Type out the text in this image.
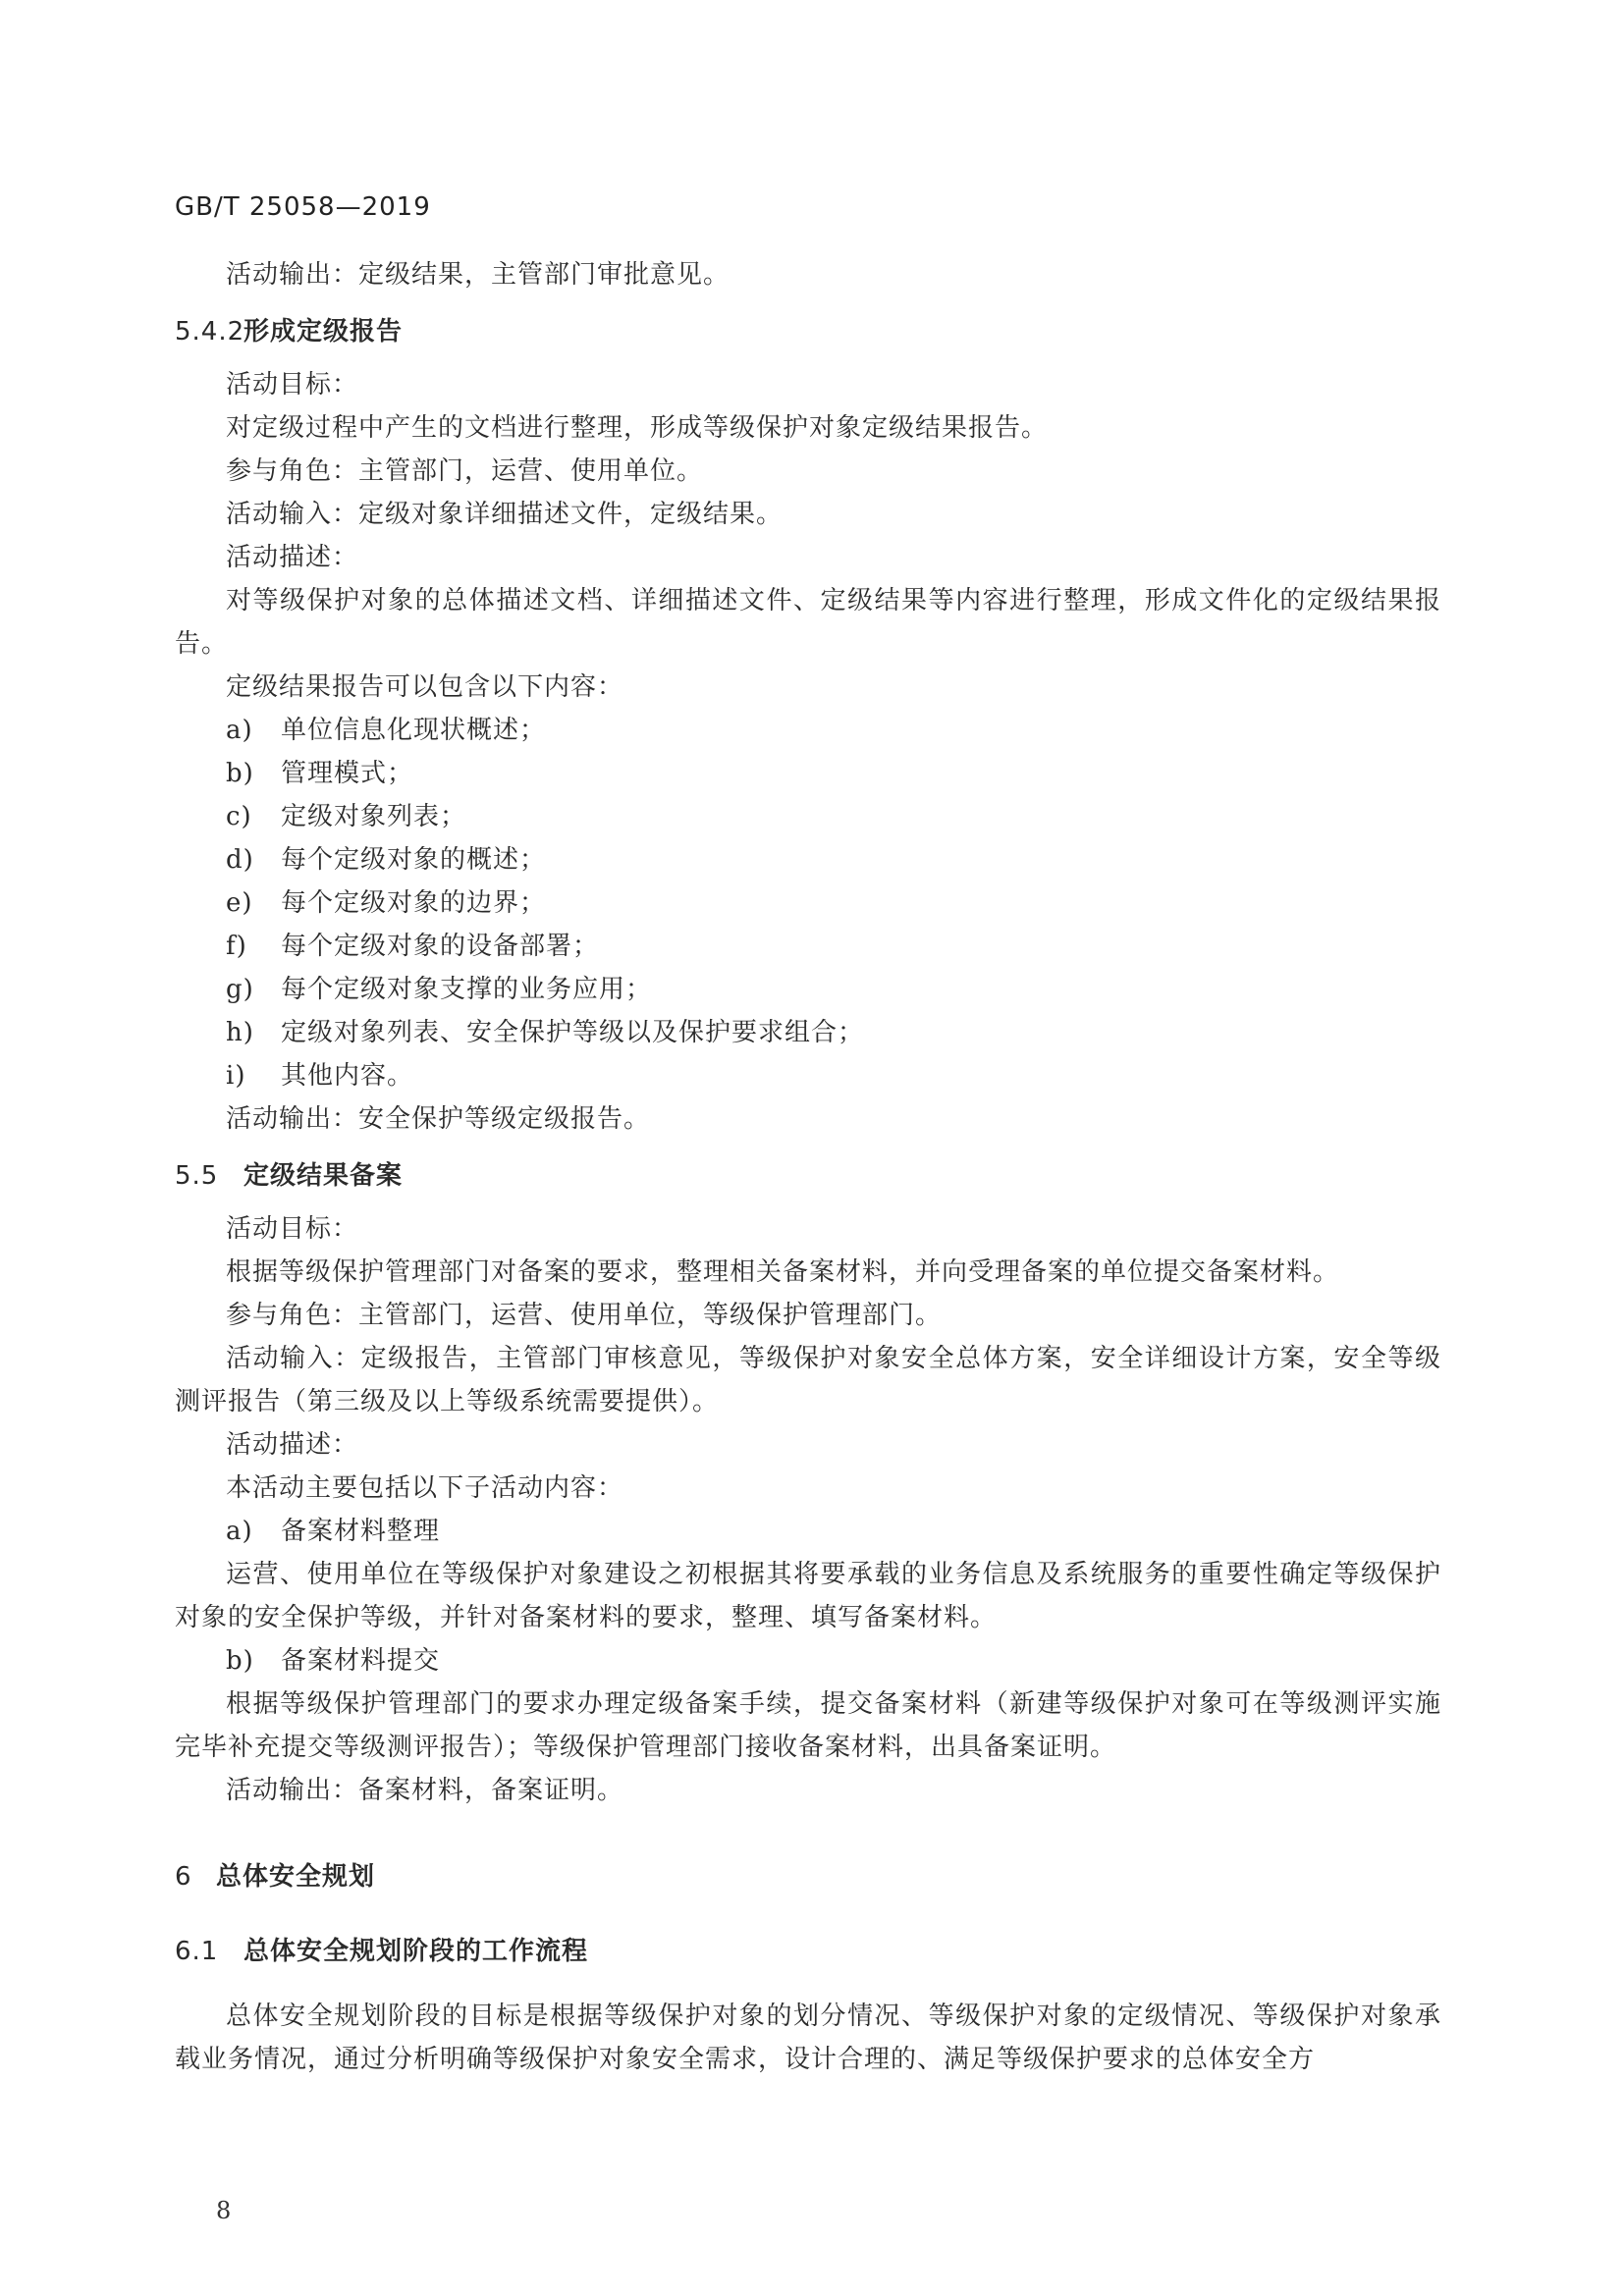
GB/T 25058—2019

活动输出：定级结果，主管部门审批意见。

5.4.2形成定级报告

活动目标：

对定级过程中产生的文档进行整理，形成等级保护对象定级结果报告。

参与角色：主管部门，运营、使用单位。

活动输入：定级对象详细描述文件，定级结果。

活动描述：

对等级保护对象的总体描述文档、详细描述文件、定级结果等内容进行整理，形成文件化的定级结果报告。

定级结果报告可以包含以下内容：

a)	单位信息化现状概述；
b)	管理模式；
c)	定级对象列表；
d)	每个定级对象的概述；
e)	每个定级对象的边界；
f)	每个定级对象的设备部署；
g)	每个定级对象支撑的业务应用；
h)	定级对象列表、安全保护等级以及保护要求组合；
i)	其他内容。

活动输出：安全保护等级定级报告。

5.5 定级结果备案

活动目标：

根据等级保护管理部门对备案的要求，整理相关备案材料，并向受理备案的单位提交备案材料。

参与角色：主管部门，运营、使用单位，等级保护管理部门。

活动输入：定级报告，主管部门审核意见，等级保护对象安全总体方案，安全详细设计方案，安全等级测评报告（第三级及以上等级系统需要提供）。

活动描述：

本活动主要包括以下子活动内容：

a)	备案材料整理

运营、使用单位在等级保护对象建设之初根据其将要承载的业务信息及系统服务的重要性确定等级保护对象的安全保护等级，并针对备案材料的要求，整理、填写备案材料。

b)	备案材料提交

根据等级保护管理部门的要求办理定级备案手续，提交备案材料（新建等级保护对象可在等级测评实施完毕补充提交等级测评报告）；等级保护管理部门接收备案材料，出具备案证明。

活动输出：备案材料，备案证明。

6 总体安全规划

6.1 总体安全规划阶段的工作流程

总体安全规划阶段的目标是根据等级保护对象的划分情况、等级保护对象的定级情况、等级保护对象承载业务情况，通过分析明确等级保护对象安全需求，设计合理的、满足等级保护要求的总体安全方

8
